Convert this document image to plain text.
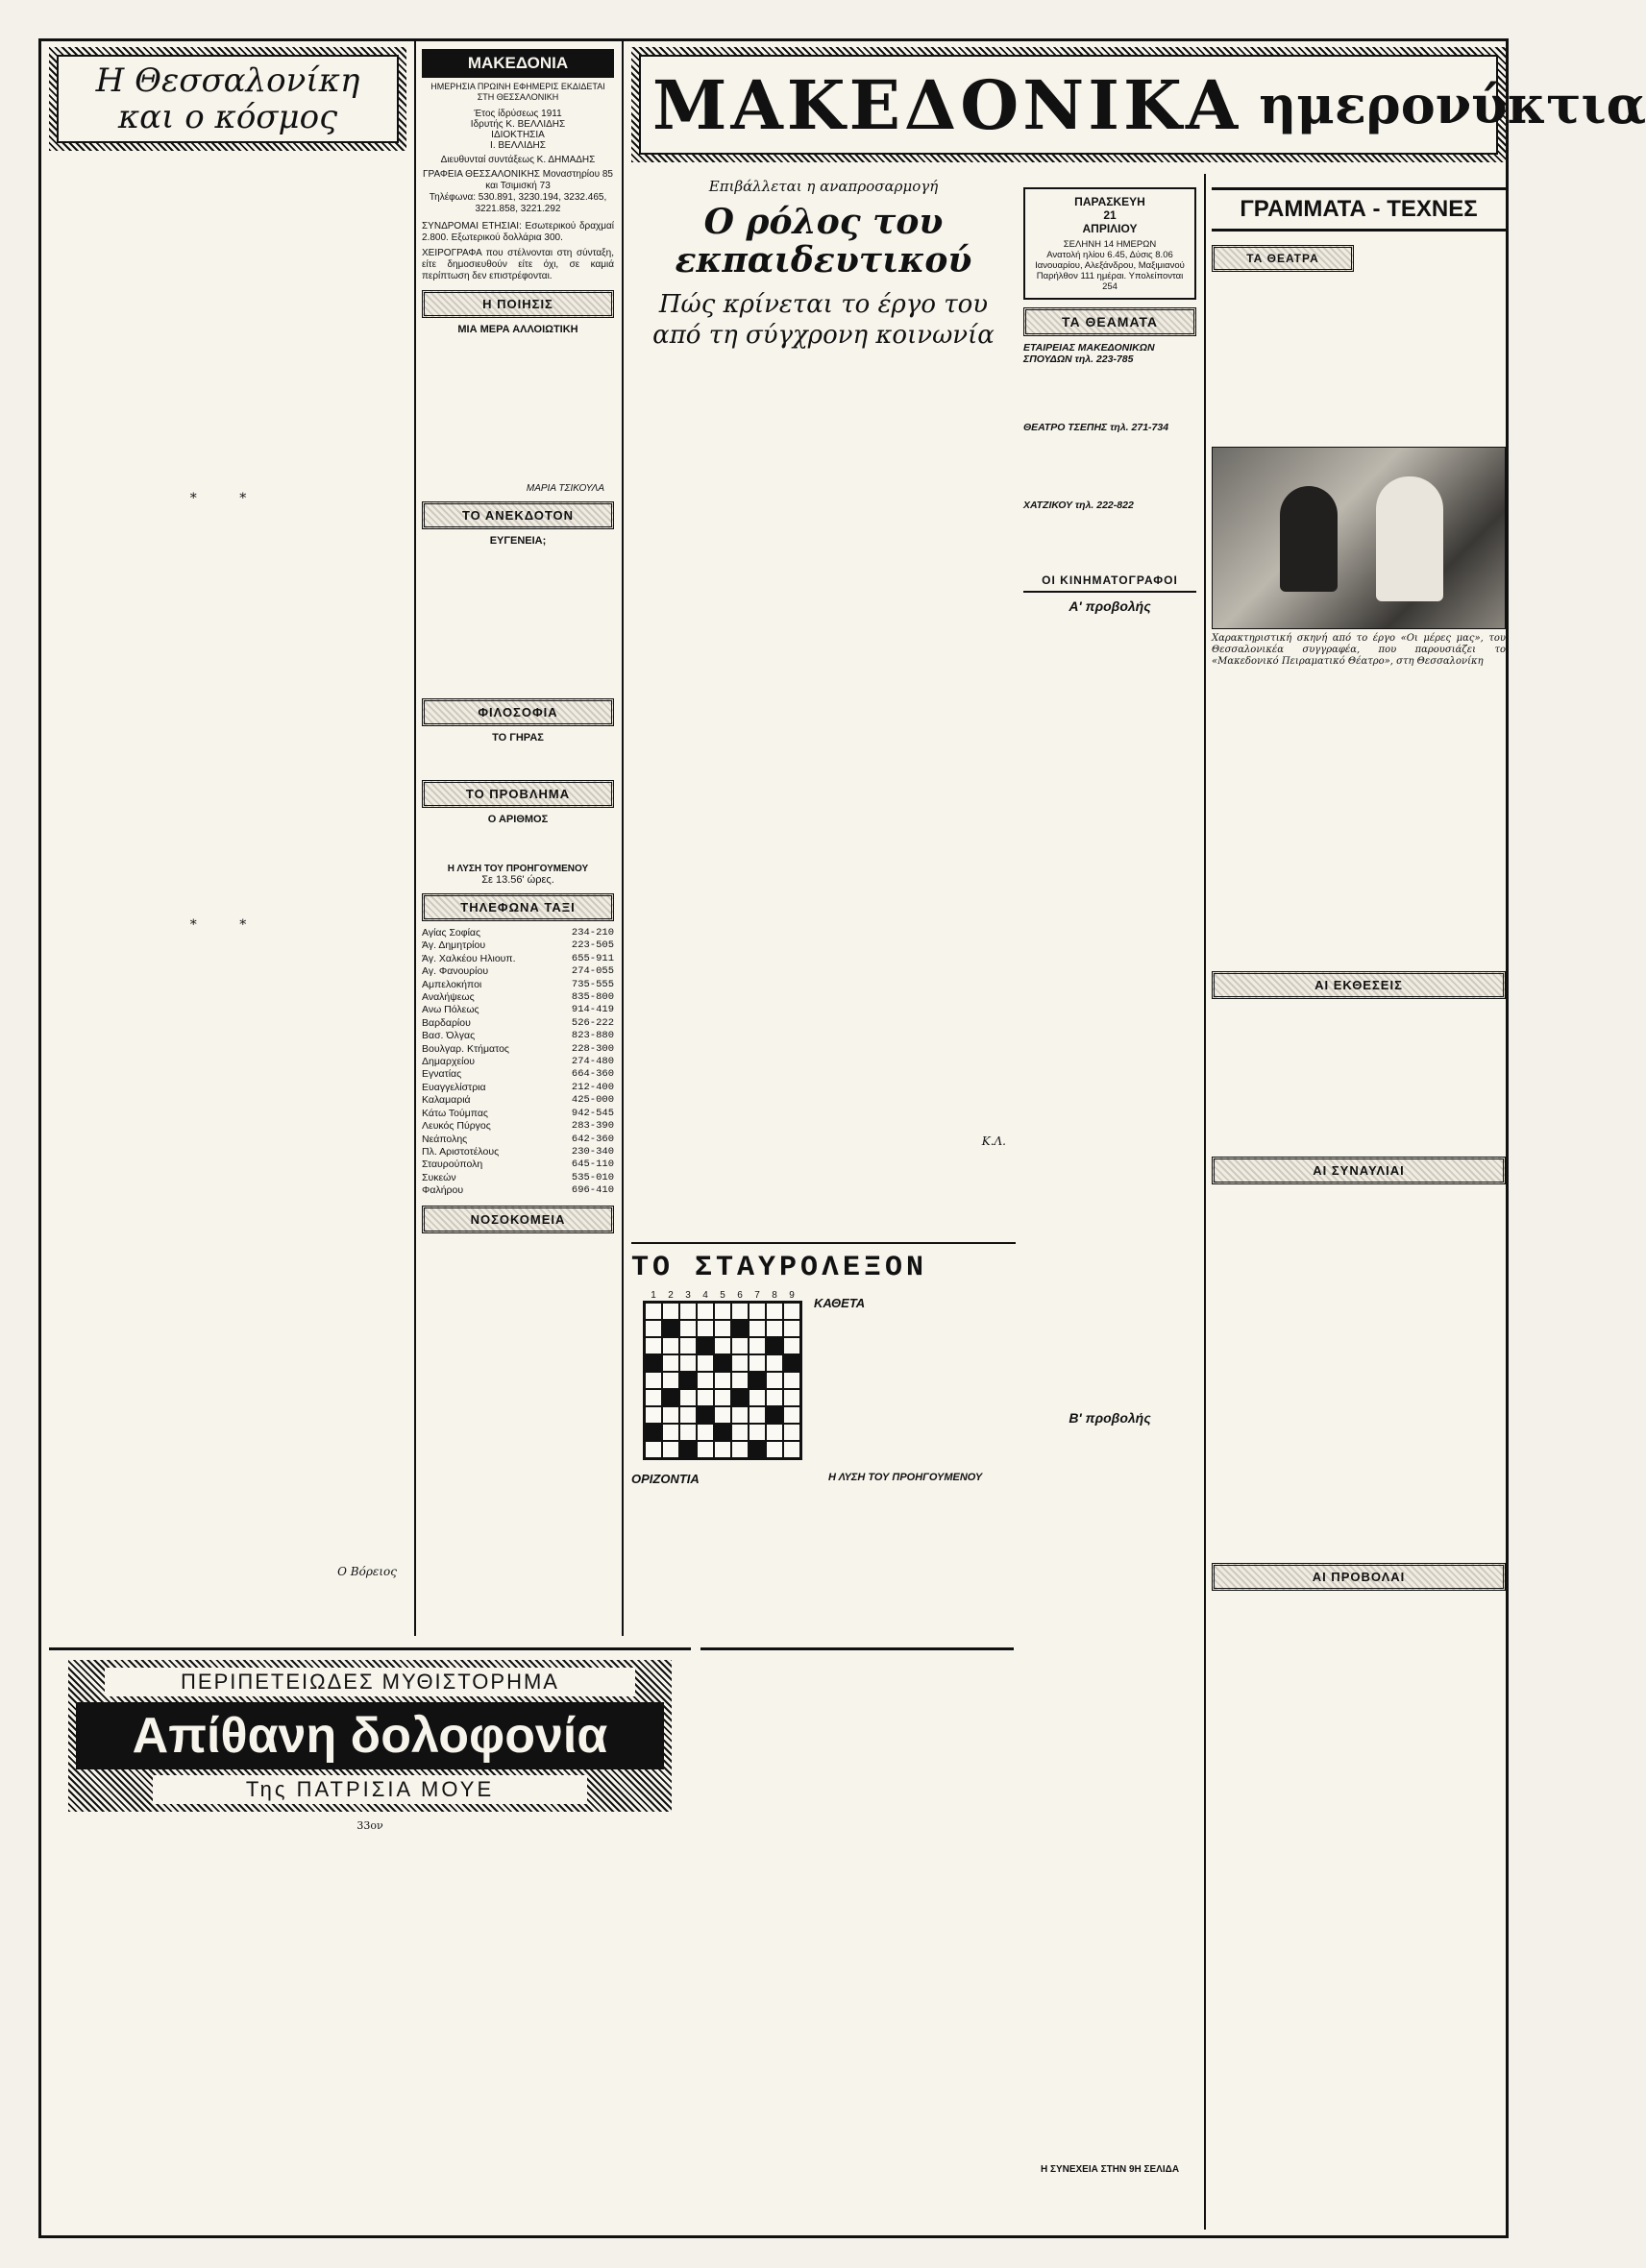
Η Θεσσαλονίκη και ο κόσμος
* *
* *
Ο Βόρειος
ΜΑΚΕΔΟΝΙΑ
ΗΜΕΡΗΣΙΑ ΠΡΩΙΝΗ ΕΦΗΜΕΡΙΣ ΕΚΔΙΔΕΤΑΙ ΣΤΗ ΘΕΣΣΑΛΟΝΙΚΗ
Έτος ίδρύσεως 1911
Ιδρυτής Κ. ΒΕΛΛΙΔΗΣ
ΙΔΙΟΚΤΗΣΙΑ
Ι. ΒΕΛΛΙΔΗΣ
Διευθυνταί συντάξεως Κ. ΔΗΜΑΔΗΣ
ΓΡΑΦΕΙΑ ΘΕΣΣΑΛΟΝΙΚΗΣ Μοναστηρίου 85 και Τσιμισκή 73
Τηλέφωνα: 530.891, 3230.194, 3232.465, 3221.858, 3221.292
ΣΥΝΔΡΟΜΑΙ ΕΤΗΣΙΑΙ: Εσωτερικού δραχμαί 2.800. Εξωτερικού δολλάρια 300.
ΧΕΙΡΟΓΡΑΦΑ που στέλνονται στη σύνταξη, είτε δημοσιευθούν είτε όχι, σε καμιά περίπτωση δεν επιστρέφονται.
Η ΠΟΙΗΣΙΣ
ΜΙΑ ΜΕΡΑ ΑΛΛΟΙΩΤΙΚΗ
ΜΑΡΙΑ ΤΣΙΚΟΥΛΑ
ΤΟ ΑΝΕΚΔΟΤΟΝ
ΕΥΓΕΝΕΙΑ;
ΦΙΛΟΣΟΦΙΑ
ΤΟ ΓΗΡΑΣ
ΤΟ ΠΡΟΒΛΗΜΑ
Ο ΑΡΙΘΜΟΣ
Η ΛΥΣΗ ΤΟΥ ΠΡΟΗΓΟΥΜΕΝΟΥ
Σε 13.56' ώρες.
ΤΗΛΕΦΩΝΑ ΤΑΞΙ
Αγίας Σοφίας	234-210
Άγ. Δημητρίου	223-505
Άγ. Χαλκέου Ηλιουπ.	655-911
Αγ. Φανουρίου	274-055
Αμπελοκήποι	735-555
Αναλήψεως	835-800
Ανω Πόλεως	914-419
Βαρδαρίου	526-222
Βασ. Όλγας	823-880
Βουλγαρ. Κτήματος	228-300
Δημαρχείου	274-480
Εγνατίας	664-360
Ευαγγελίστρια	212-400
Καλαμαριά	425-000
Κάτω Τούμπας	942-545
Λευκός Πύργος	283-390
Νεάπολης	642-360
Πλ. Αριστοτέλους	230-340
Σταυρούπολη	645-110
Συκεών	535-010
Φαλήρου	696-410
ΝΟΣΟΚΟΜΕΙΑ
ΜΑΚΕΔΟΝΙΚΑ ημερονύκτια
Επιβάλλεται η αναπροσαρμογή
Ο ρόλος του εκπαιδευτικού
Πώς κρίνεται το έργο του από τη σύγχρονη κοινωνία
Κ.Λ.
ΠΑΡΑΣΚΕΥΗ
21
ΑΠΡΙΛΙΟΥ
ΣΕΛΗΝΗ 14 ΗΜΕΡΩΝ
Ανατολή ηλίου 6.45, Δύσις 8.06
Ιανουαρίου, Αλεξάνδρου, Μαξιμιανού
Παρήλθον 111 ημέραι. Υπολείπονται 254
ΤΑ ΘΕΑΜΑΤΑ
ΕΤΑΙΡΕΙΑΣ ΜΑΚΕΔΟΝΙΚΩΝ ΣΠΟΥΔΩΝ τηλ. 223-785
ΘΕΑΤΡΟ ΤΣΕΠΗΣ τηλ. 271-734
ΧΑΤΖΙΚΟΥ τηλ. 222-822
ΟΙ ΚΙΝΗΜΑΤΟΓΡΑΦΟΙ
Α' προβολής
Β' προβολής
Η ΣΥΝΕΧΕΙΑ ΣΤΗΝ 9Η ΣΕΛΙΔΑ
ΓΡΑΜΜΑΤΑ - ΤΕΧΝΕΣ
ΤΑ ΘΕΑΤΡΑ
Χαρακτηριστική σκηνή από το έργο «Οι μέρες μας», του Θεσσαλονικέα συγγραφέα, που παρουσιάζει το «Μακεδονικό Πειραματικό Θέατρο», στη Θεσσαλονίκη
ΑΙ ΕΚΘΕΣΕΙΣ
ΑΙ ΣΥΝΑΥΛΙΑΙ
ΑΙ ΠΡΟΒΟΛΑΙ
ΤΟ ΣΤΑΥΡΟΛΕΞΟΝ
1	2	3	4	5	6	7	8	9
ΚΑΘΕΤΑ
ΟΡΙΖΟΝΤΙΑ	Η ΛΥΣΗ ΤΟΥ ΠΡΟΗΓΟΥΜΕΝΟΥ
ΠΕΡΙΠΕΤΕΙΩΔΕΣ ΜΥΘΙΣΤΟΡΗΜΑ
Απίθανη δολοφονία
Της ΠΑΤΡΙΣΙΑ ΜΟΥΕ
33ον
